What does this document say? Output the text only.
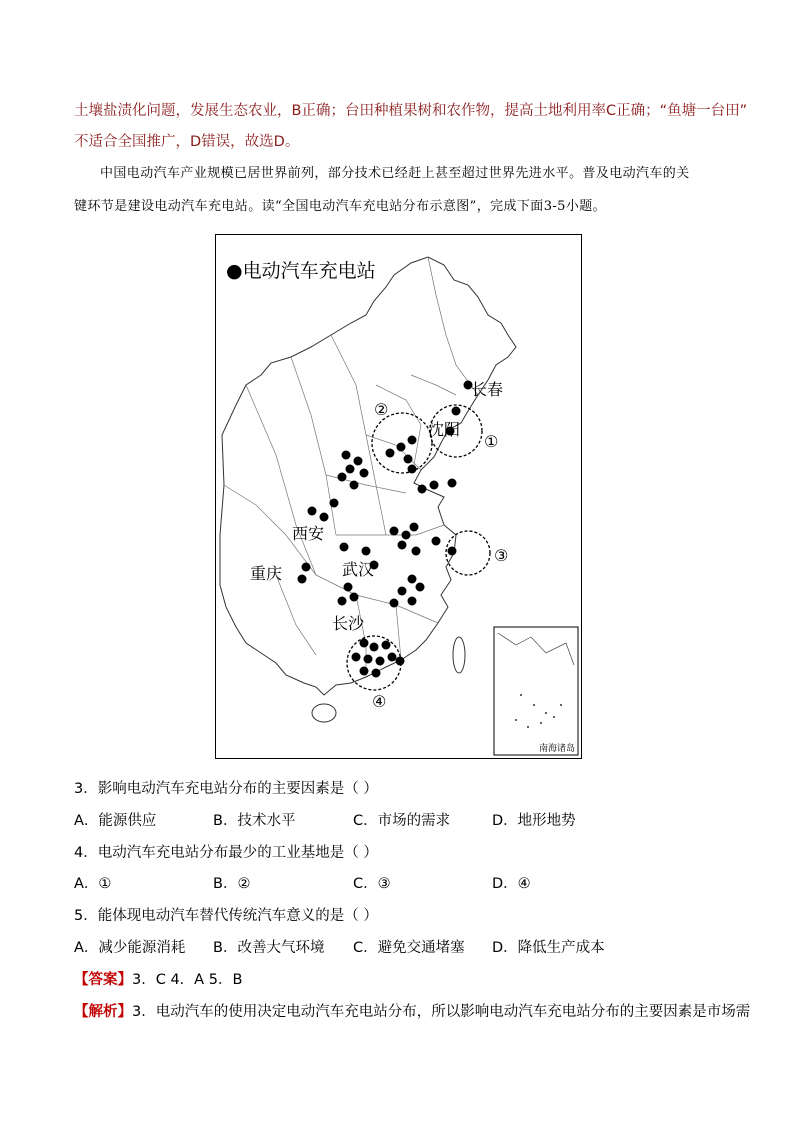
土壤盐渍化问题，发展生态农业，B正确；台田种植果树和农作物，提高土地利用率C正确；“鱼塘一台田”
不适合全国推广，D错误，故选D。
中国电动汽车产业规模已居世界前列，部分技术已经赶上甚至超过世界先进水平。普及电动汽车的关
键环节是建设电动汽车充电站。读“全国电动汽车充电站分布示意图”，完成下面3-5小题。
●电动汽车充电站
长春
沈阳
西安
重庆	武汉
长沙
①
②
③
④
南海诸岛
3．影响电动汽车充电站分布的主要因素是（ ）
A．能源供应	B．技术水平	C．市场的需求	D．地形地势
4．电动汽车充电站分布最少的工业基地是（ ）
A．①	B．②	C．③	D．④
5．能体现电动汽车替代传统汽车意义的是（ ）
A．减少能源消耗 B．改善大气环境 C．避免交通堵塞 D．降低生产成本
【答案】3．C 4．A 5．B
【解析】3．电动汽车的使用决定电动汽车充电站分布，所以影响电动汽车充电站分布的主要因素是市场需
